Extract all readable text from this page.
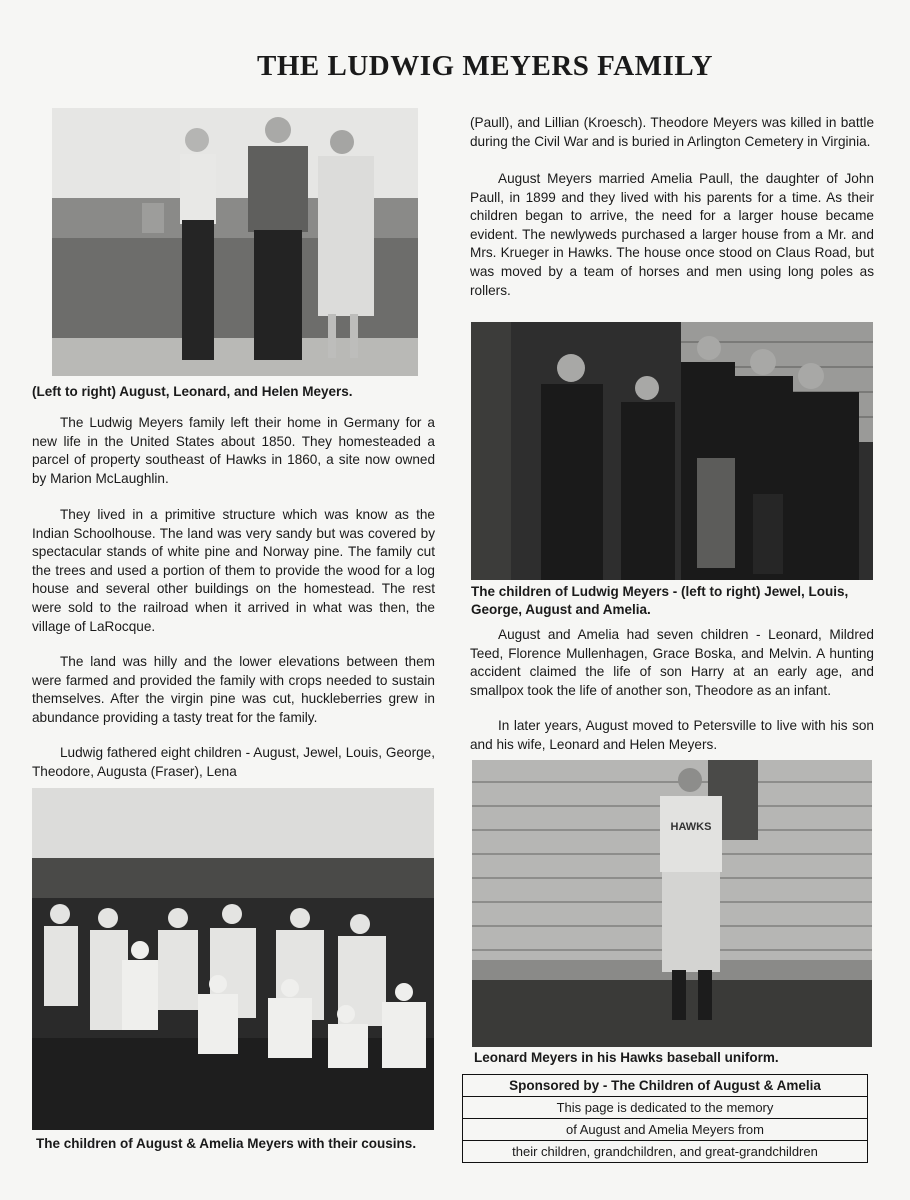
THE LUDWIG MEYERS FAMILY
(Left to right) August, Leonard, and Helen Meyers.

The Ludwig Meyers family left their home in Germany for a new life in the United States about 1850. They homesteaded a parcel of property southeast of Hawks in 1860, a site now owned by Marion McLaughlin.

They lived in a primitive structure which was know as the Indian Schoolhouse. The land was very sandy but was covered by spectacular stands of white pine and Norway pine. The family cut the trees and used a portion of them to provide the wood for a log house and several other buildings on the homestead. The rest were sold to the railroad when it arrived in what was then, the village of LaRocque.

The land was hilly and the lower elevations between them were farmed and provided the family with crops needed to sustain themselves. After the virgin pine was cut, huckleberries grew in abundance providing a tasty treat for the family.

Ludwig fathered eight children - August, Jewel, Louis, George, Theodore, Augusta (Fraser), Lena

The children of August & Amelia Meyers with their cousins.

(Paull), and Lillian (Kroesch). Theodore Meyers was killed in battle during the Civil War and is buried in Arlington Cemetery in Virginia.

August Meyers married Amelia Paull, the daughter of John Paull, in 1899 and they lived with his parents for a time. As their children began to arrive, the need for a larger house became evident. The newlyweds purchased a larger house from a Mr. and Mrs. Krueger in Hawks. The house once stood on Claus Road, but was moved by a team of horses and men using long poles as rollers.

The children of Ludwig Meyers - (left to right) Jewel, Louis, George, August and Amelia.

August and Amelia had seven children - Leonard, Mildred Teed, Florence Mullenhagen, Grace Boska, and Melvin. A hunting accident claimed the life of son Harry at an early age, and smallpox took the life of another son, Theodore as an infant.

In later years, August moved to Petersville to live with his son and his wife, Leonard and Helen Meyers.

HAWKS
Leonard Meyers in his Hawks baseball uniform.
Sponsored by - The Children of August & Amelia
This page is dedicated to the memory
of August and Amelia Meyers from
their children, grandchildren, and great-grandchildren
